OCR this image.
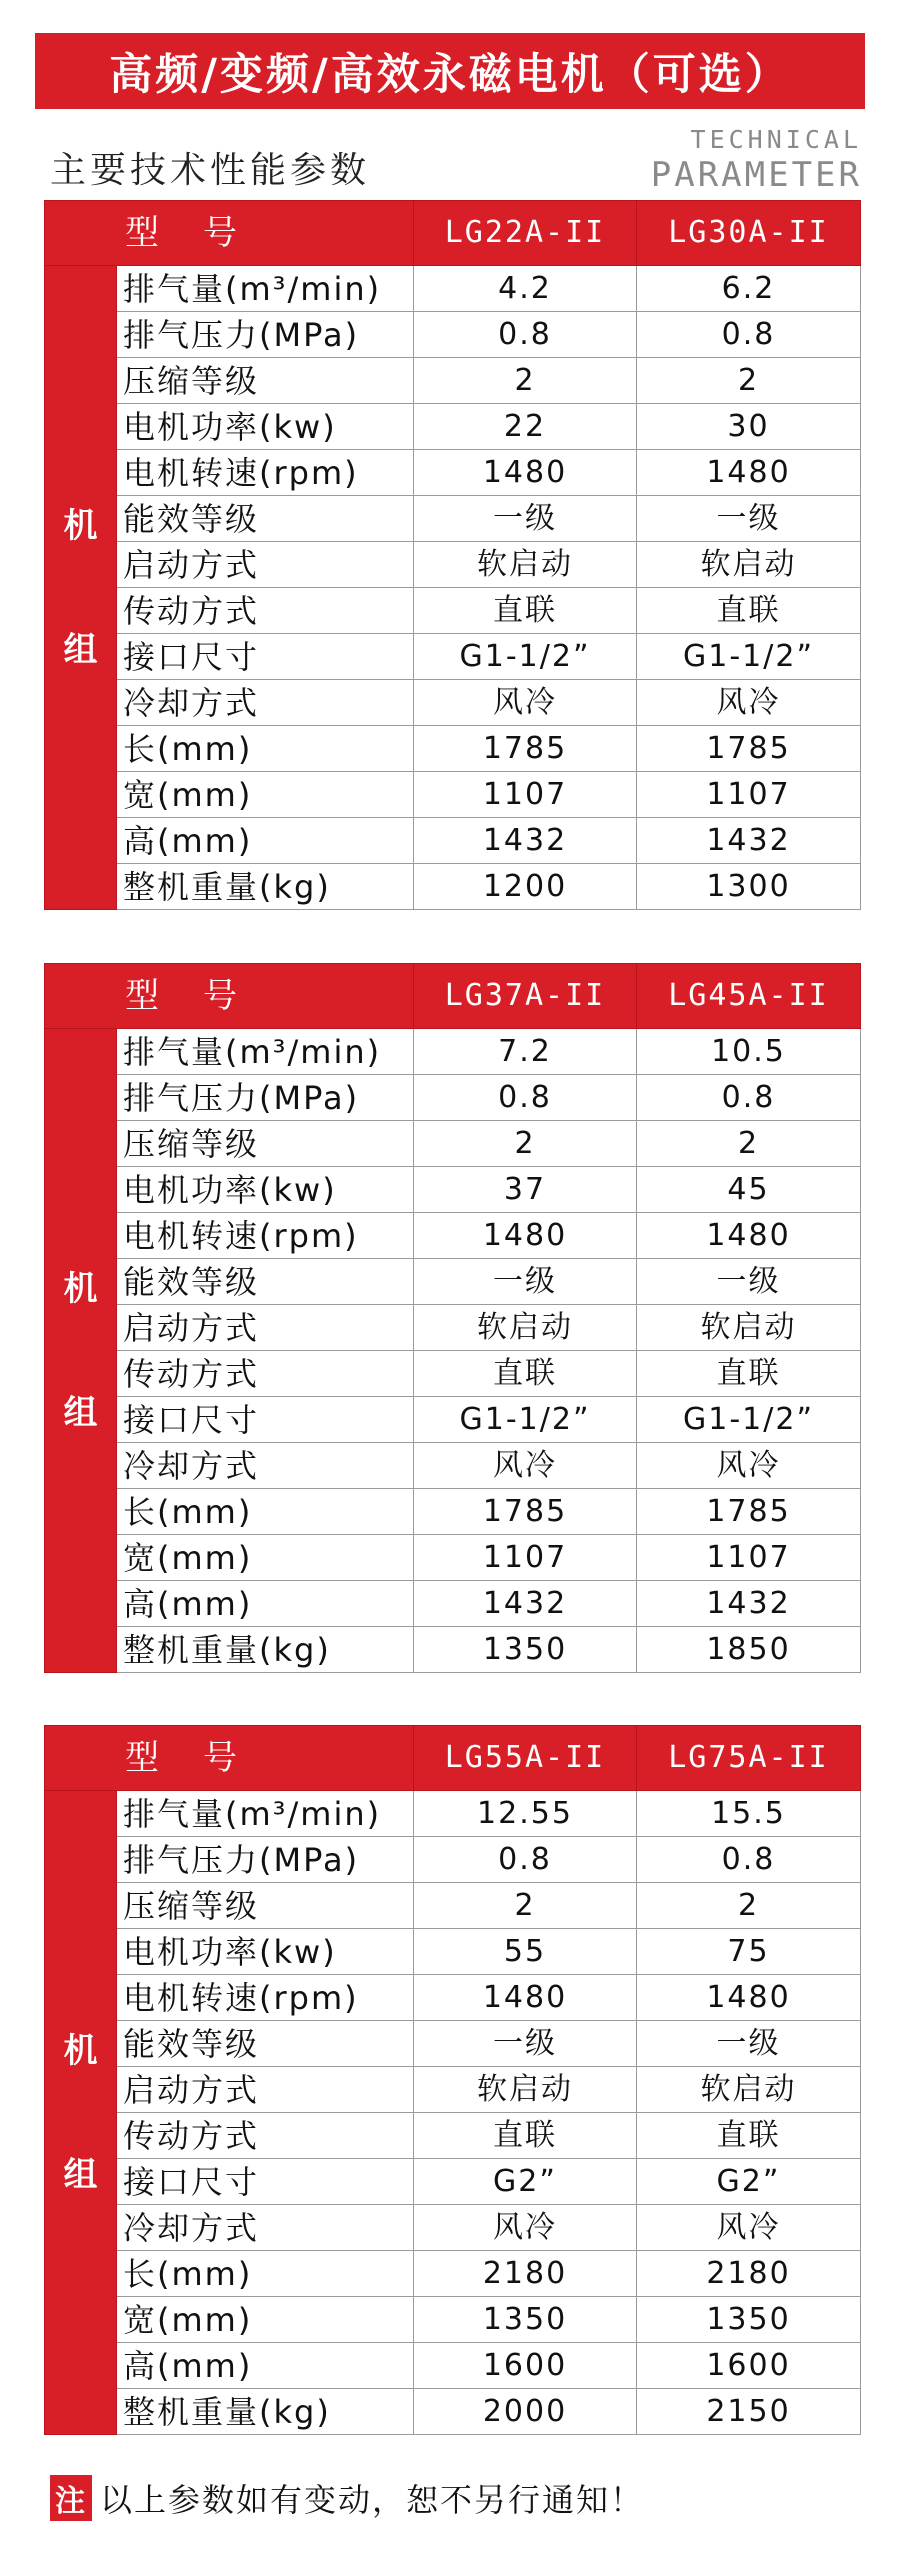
高频/变频/高效永磁电机（可选）
主要技术性能参数
TECHNICAL
PARAMETER
型号		LG22A-II	LG30A-II

机
组	排气量(m³/min)	4.2	6.2
	排气压力(MPa)	0.8	0.8
	压缩等级	2	2
	电机功率(kw)	22	30
	电机转速(rpm)	1480	1480
	能效等级	一级	一级
	启动方式	软启动	软启动
	传动方式	直联	直联
	接口尺寸	G1-1/2”	G1-1/2”
	冷却方式	风冷	风冷
	长(mm)	1785	1785
	宽(mm)	1107	1107
	高(mm)	1432	1432
	整机重量(kg)	1200	1300
型号		LG37A-II	LG45A-II

机
组	排气量(m³/min)	7.2	10.5
	排气压力(MPa)	0.8	0.8
	压缩等级	2	2
	电机功率(kw)	37	45
	电机转速(rpm)	1480	1480
	能效等级	一级	一级
	启动方式	软启动	软启动
	传动方式	直联	直联
	接口尺寸	G1-1/2”	G1-1/2”
	冷却方式	风冷	风冷
	长(mm)	1785	1785
	宽(mm)	1107	1107
	高(mm)	1432	1432
	整机重量(kg)	1350	1850
型号		LG55A-II	LG75A-II

机
组	排气量(m³/min)	12.55	15.5
	排气压力(MPa)	0.8	0.8
	压缩等级	2	2
	电机功率(kw)	55	75
	电机转速(rpm)	1480	1480
	能效等级	一级	一级
	启动方式	软启动	软启动
	传动方式	直联	直联
	接口尺寸	G2”	G2”
	冷却方式	风冷	风冷
	长(mm)	2180	2180
	宽(mm)	1350	1350
	高(mm)	1600	1600
	整机重量(kg)	2000	2150
注 以上参数如有变动，恕不另行通知！
